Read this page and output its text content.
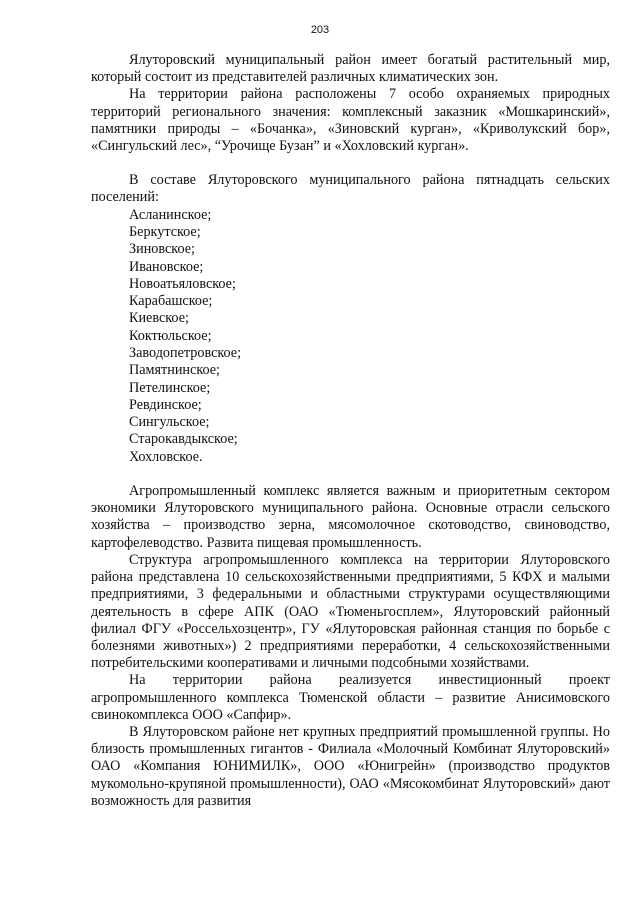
203

Ялуторовский муниципальный район имеет богатый растительный мир, который состоит из представителей различных климатических зон.

На территории района расположены 7 особо охраняемых природных территорий регионального значения: комплексный заказник «Мошкаринский», памятники природы – «Бочанка», «Зиновский курган», «Криволукский бор», «Сингульский лес», “Урочище Бузан” и «Хохловский курган».

В составе Ялуторовского муниципального района пятнадцать сельских поселений:

Асланинское;
Беркутское;
Зиновское;
Ивановское;
Новоатьяловское;
Карабашское;
Киевское;
Коктюльское;
Заводопетровское;
Памятнинское;
Петелинское;
Ревдинское;
Сингульское;
Старокавдыкское;
Хохловское.

Агропромышленный комплекс является важным и приоритетным сектором экономики Ялуторовского муниципального района. Основные отрасли сельского хозяйства – производство зерна, мясомолочное скотоводство, свиноводство, картофелеводство. Развита пищевая промышленность.

Структура агропромышленного комплекса на территории Ялуторовского района представлена 10 сельскохозяйственными предприятиями, 5 КФХ и малыми предприятиями, 3 федеральными и областными структурами осуществляющими деятельность в сфере АПК (ОАО «Тюменьгосплем», Ялуторовский районный филиал ФГУ «Россельхозцентр», ГУ «Ялуторовская районная станция по борьбе с болезнями животных») 2 предприятиями переработки, 4 сельскохозяйственными потребительскими кооперативами и личными подсобными хозяйствами.

На территории района реализуется инвестиционный проект агропромышленного комплекса Тюменской области – развитие Анисимовского свинокомплекса ООО «Сапфир».

В Ялуторовском районе нет крупных предприятий промышленной группы. Но близость промышленных гигантов - Филиала «Молочный Комбинат Ялуторовский» ОАО «Компания ЮНИМИЛК», ООО «Юнигрейн» (производство продуктов мукомольно-крупяной промышленности), ОАО «Мясокомбинат Ялуторовский» дают возможность для развития
